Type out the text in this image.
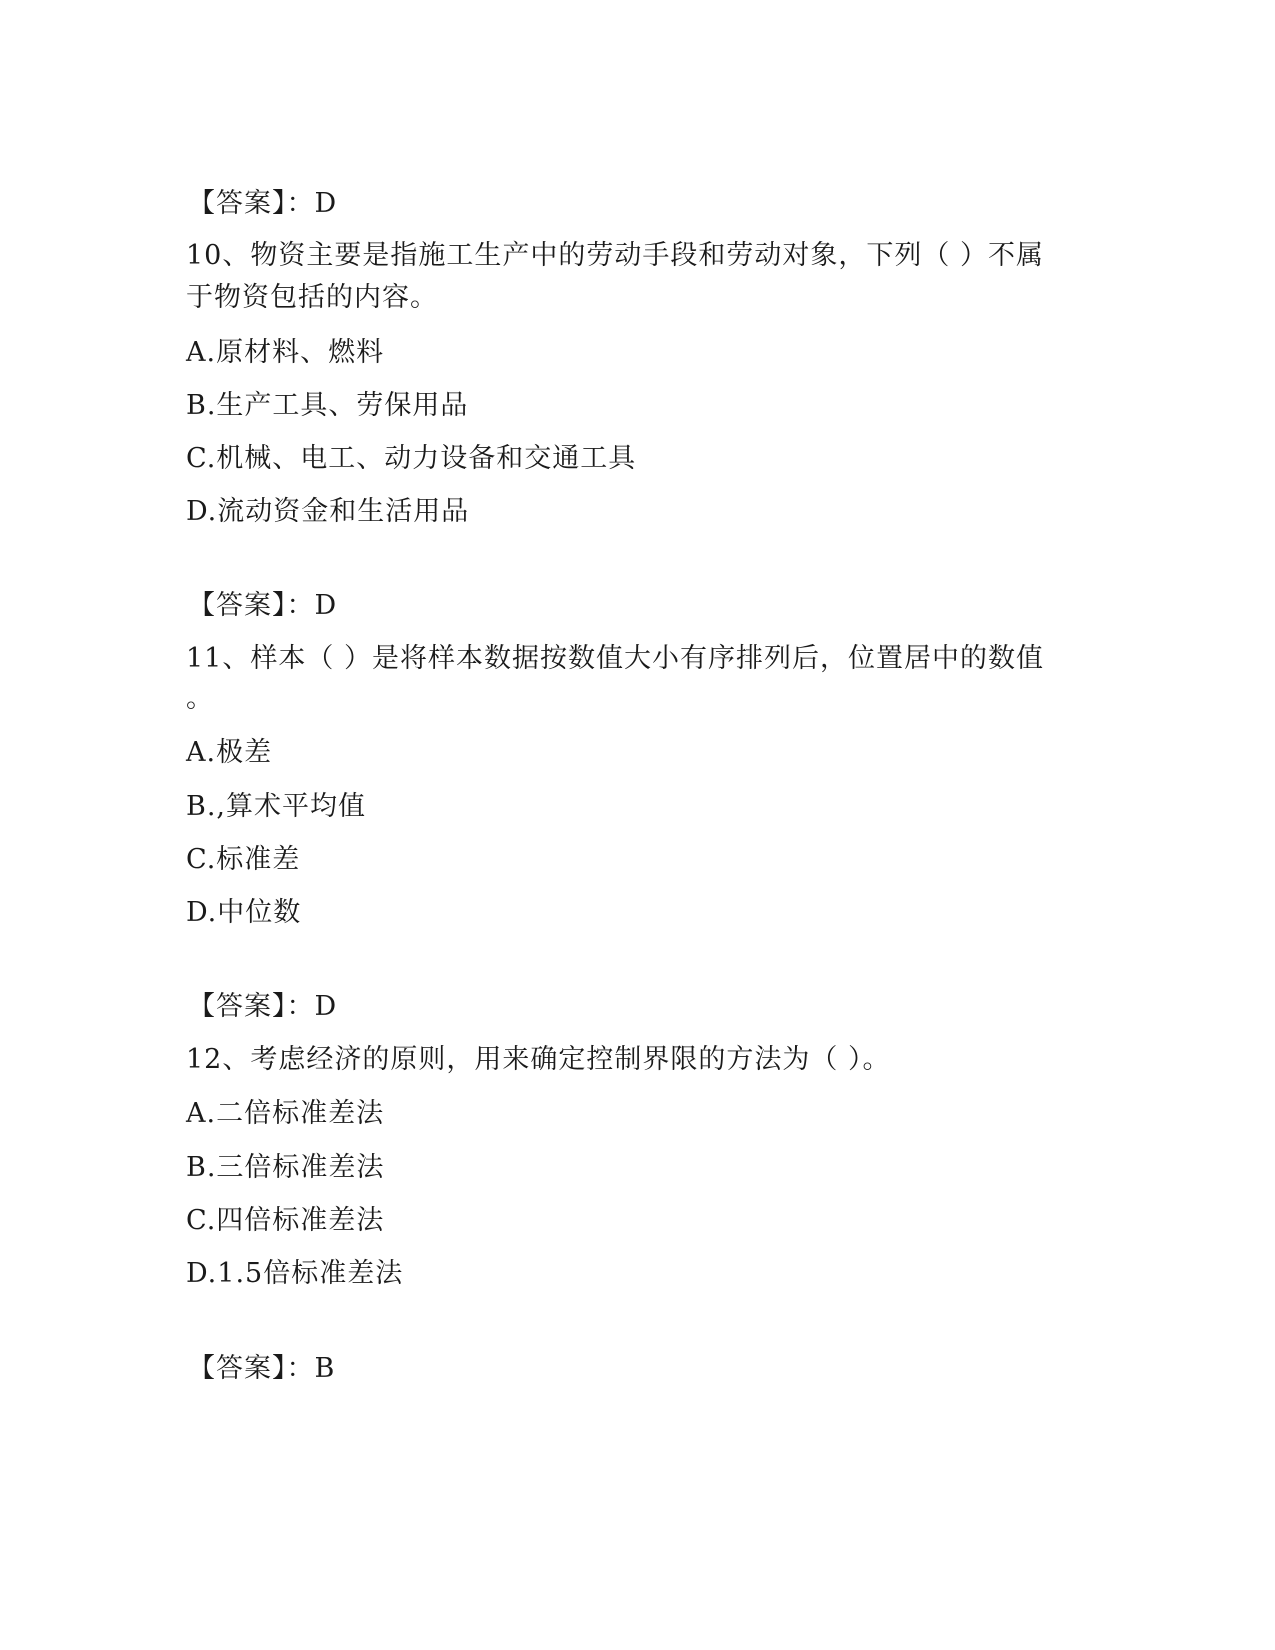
【答案】：D
10、物资主要是指施工生产中的劳动手段和劳动对象，下列（ ）不属
于物资包括的内容。
A.原材料、燃料
B.生产工具、劳保用品
C.机械、电工、动力设备和交通工具
D.流动资金和生活用品
【答案】：D
11、样本（ ）是将样本数据按数值大小有序排列后，位置居中的数值
。
A.极差
B.,算术平均值
C.标准差
D.中位数
【答案】：D
12、考虑经济的原则，用来确定控制界限的方法为（ ）。
A.二倍标准差法
B.三倍标准差法
C.四倍标准差法
D.1.5倍标准差法
【答案】：B
